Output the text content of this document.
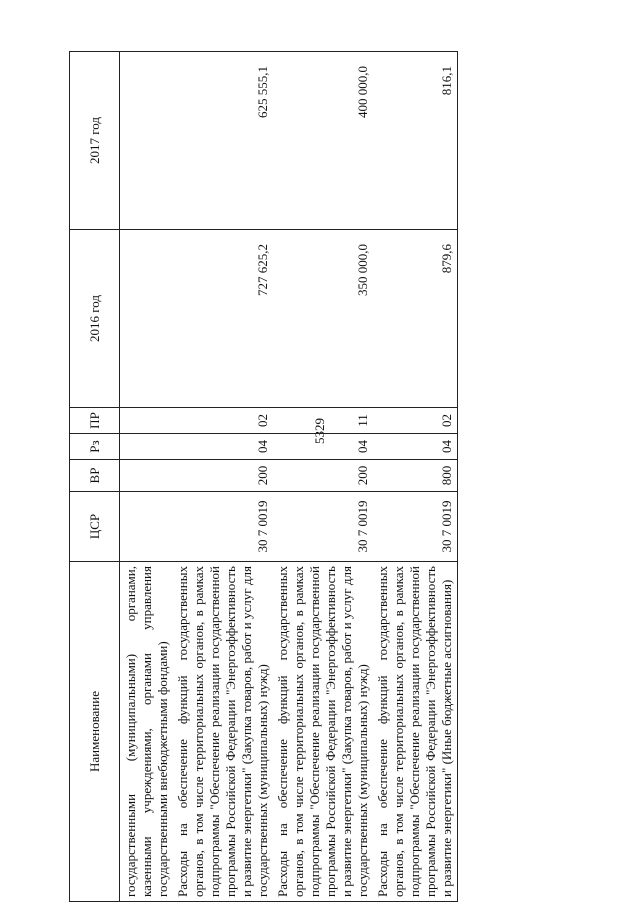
5329
Наименование	ЦСР	ВР	Рз	ПР	2016 год	2017 год
государственными (муниципальными) органами, казенными учреждениями, органами управления государственными внебюджетными фондами)						
Расходы на обеспечение функций государственных органов, в том числе территориальных органов, в рамках подпрограммы "Обеспечение реализации государственной программы Российской Федерации "Энергоэффективность и развитие энергетики" (Закупка товаров, работ и услуг для государственных (муниципальных) нужд)	30 7 0019	200	04	02	727 625,2	625 555,1
Расходы на обеспечение функций государственных органов, в том числе территориальных органов, в рамках подпрограммы "Обеспечение реализации государственной программы Российской Федерации "Энергоэффективность и развитие энергетики" (Закупка товаров, работ и услуг для государственных (муниципальных) нужд)	30 7 0019	200	04	11	350 000,0	400 000,0
Расходы на обеспечение функций государственных органов, в том числе территориальных органов, в рамках подпрограммы "Обеспечение реализации государственной программы Российской Федерации "Энергоэффективность и развитие энергетики" (Иные бюджетные ассигнования)	30 7 0019	800	04	02	879,6	816,1
